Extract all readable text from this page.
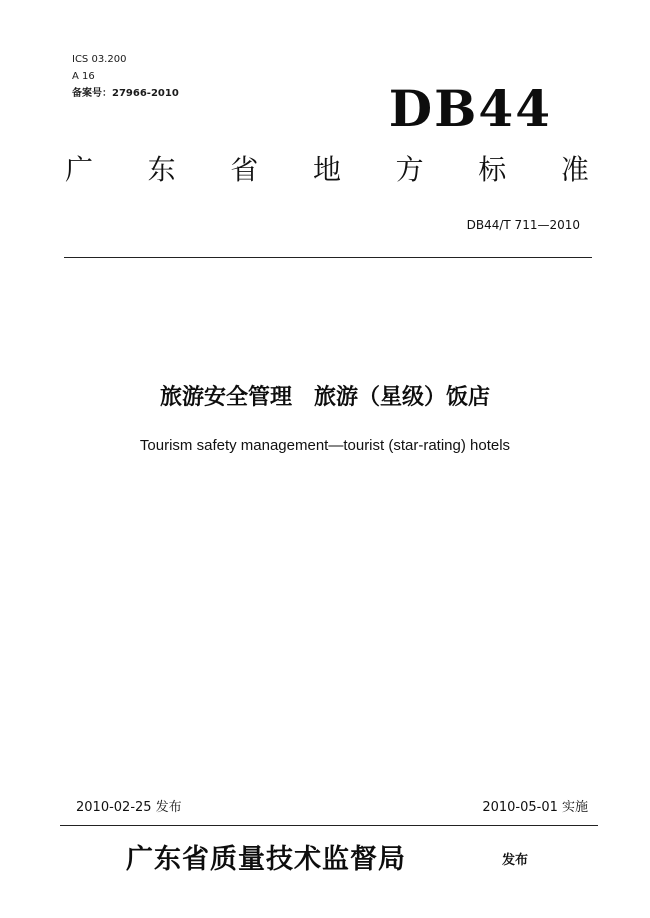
ICS 03.200
A 16
备案号：27966-2010	DB44
广 东 省 地 方 标 准
DB44/T 711—2010
旅游安全管理　旅游（星级）饭店
Tourism safety management—tourist (star-rating) hotels
2010-02-25 发布	2010-05-01 实施
广东省质量技术监督局	发布
